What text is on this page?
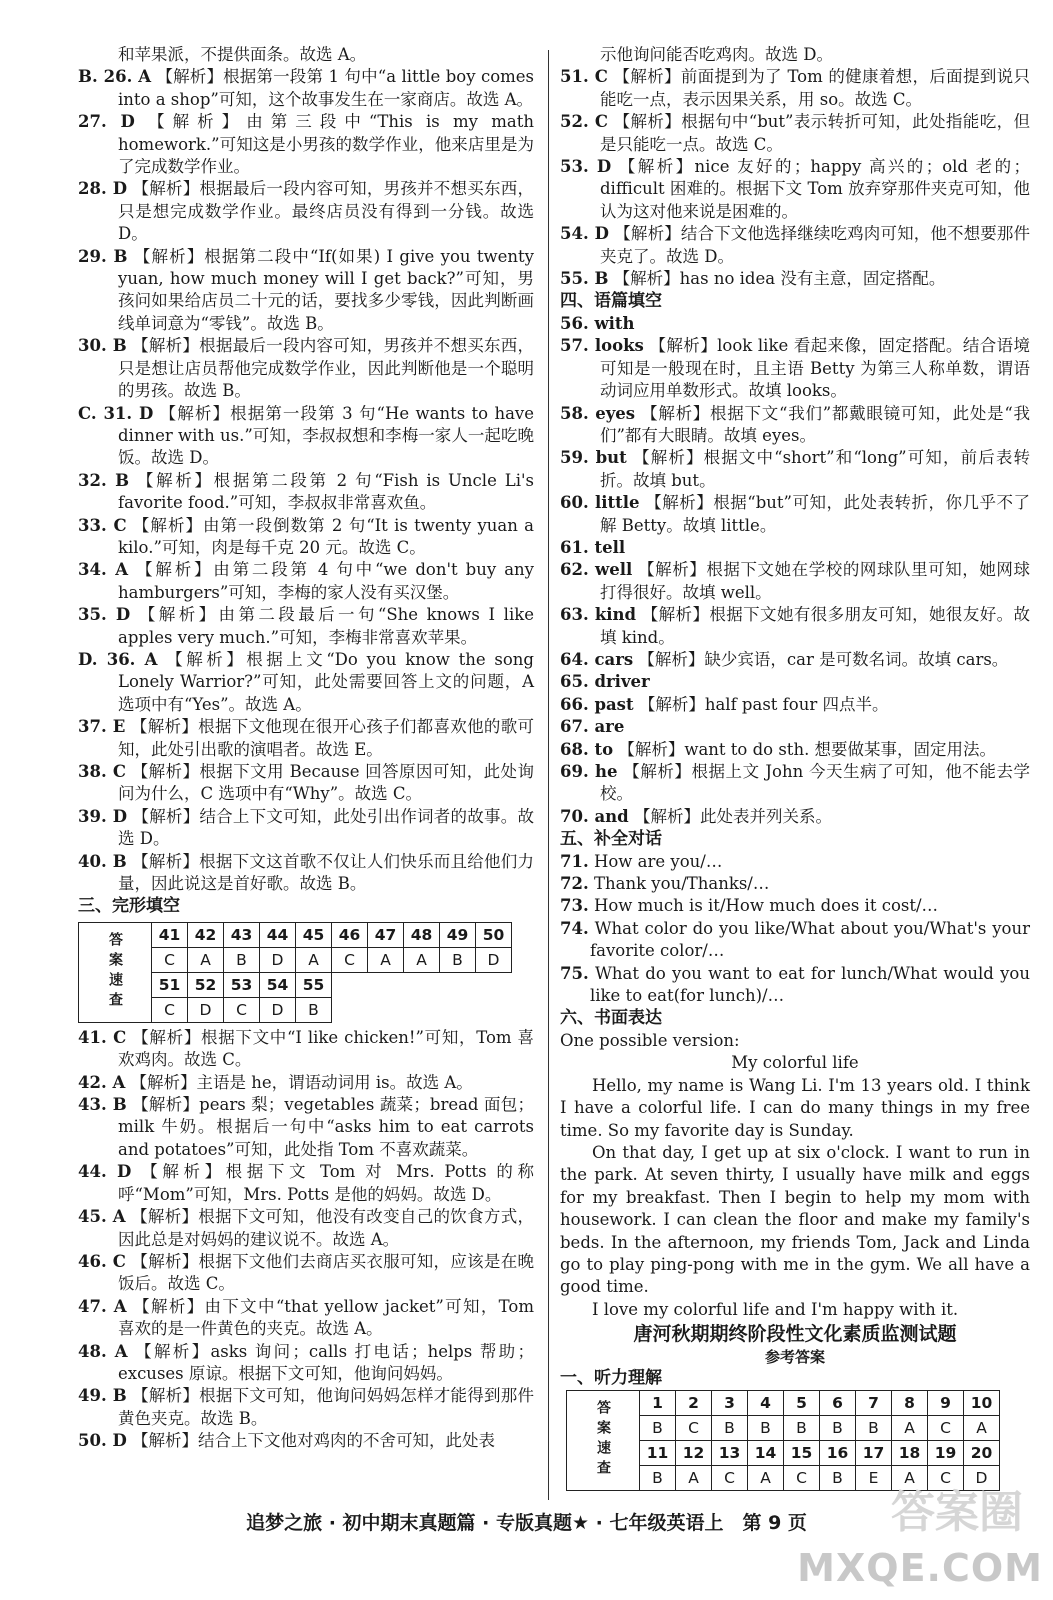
和苹果派，不提供面条。故选 A。
B. 26. A 【解析】根据第一段第 1 句中“a little boy comes into a shop”可知，这个故事发生在一家商店。故选 A。
27. D 【解析】由第三段中“This is my math homework.”可知这是小男孩的数学作业，他来店里是为了完成数学作业。
28. D 【解析】根据最后一段内容可知，男孩并不想买东西，只是想完成数学作业。最终店员没有得到一分钱。故选 D。
29. B 【解析】根据第二段中“If(如果) I give you twenty yuan, how much money will I get back?”可知，男孩问如果给店员二十元的话，要找多少零钱，因此判断画线单词意为“零钱”。故选 B。
30. B 【解析】根据最后一段内容可知，男孩并不想买东西，只是想让店员帮他完成数学作业，因此判断他是一个聪明的男孩。故选 B。
C. 31. D 【解析】根据第一段第 3 句“He wants to have dinner with us.”可知，李叔叔想和李梅一家人一起吃晚饭。故选 D。
32. B 【解析】根据第二段第 2 句“Fish is Uncle Li's favorite food.”可知，李叔叔非常喜欢鱼。
33. C 【解析】由第一段倒数第 2 句“It is twenty yuan a kilo.”可知，肉是每千克 20 元。故选 C。
34. A 【解析】由第二段第 4 句中“we don't buy any hamburgers”可知，李梅的家人没有买汉堡。
35. D 【解析】由第二段最后一句“She knows I like apples very much.”可知，李梅非常喜欢苹果。
D. 36. A 【解析】根据上文“Do you know the song Lonely Warrior?”可知，此处需要回答上文的问题，A 选项中有“Yes”。故选 A。
37. E 【解析】根据下文他现在很开心孩子们都喜欢他的歌可知，此处引出歌的演唱者。故选 E。
38. C 【解析】根据下文用 Because 回答原因可知，此处询问为什么，C 选项中有“Why”。故选 C。
39. D 【解析】结合上下文可知，此处引出作词者的故事。故选 D。
40. B 【解析】根据下文这首歌不仅让人们快乐而且给他们力量，因此说这是首好歌。故选 B。
三、完形填空
答案速查	41	42	43	44	45	46	47	48	49	50
	C	A	B	D	A	C	A	A	B	D
	51	52	53	54	55					
	C	D	C	D	B					
41. C 【解析】根据下文中“I like chicken!”可知，Tom 喜欢鸡肉。故选 C。
42. A 【解析】主语是 he，谓语动词用 is。故选 A。
43. B 【解析】pears 梨；vegetables 蔬菜；bread 面包；milk 牛奶。根据后一句中“asks him to eat carrots and potatoes”可知，此处指 Tom 不喜欢蔬菜。
44. D 【解析】根据下文 Tom 对 Mrs. Potts 的称呼“Mom”可知，Mrs. Potts 是他的妈妈。故选 D。
45. A 【解析】根据下文可知，他没有改变自己的饮食方式，因此总是对妈妈的建议说不。故选 A。
46. C 【解析】根据下文他们去商店买衣服可知，应该是在晚饭后。故选 C。
47. A 【解析】由下文中“that yellow jacket”可知，Tom 喜欢的是一件黄色的夹克。故选 A。
48. A 【解析】asks 询问；calls 打电话；helps 帮助；excuses 原谅。根据下文可知，他询问妈妈。
49. B 【解析】根据下文可知，他询问妈妈怎样才能得到那件黄色夹克。故选 B。
50. D 【解析】结合上下文他对鸡肉的不舍可知，此处表
示他询问能否吃鸡肉。故选 D。
51. C 【解析】前面提到为了 Tom 的健康着想，后面提到说只能吃一点，表示因果关系，用 so。故选 C。
52. C 【解析】根据句中“but”表示转折可知，此处指能吃，但是只能吃一点。故选 C。
53. D 【解析】nice 友好的；happy 高兴的；old 老的；difficult 困难的。根据下文 Tom 放弃穿那件夹克可知，他认为这对他来说是困难的。
54. D 【解析】结合下文他选择继续吃鸡肉可知，他不想要那件夹克了。故选 D。
55. B 【解析】has no idea 没有主意，固定搭配。
四、语篇填空
56. with
57. looks 【解析】look like 看起来像，固定搭配。结合语境可知是一般现在时，且主语 Betty 为第三人称单数，谓语动词应用单数形式。故填 looks。
58. eyes 【解析】根据下文“我们”都戴眼镜可知，此处是“我们”都有大眼睛。故填 eyes。
59. but 【解析】根据文中“short”和“long”可知，前后表转折。故填 but。
60. little 【解析】根据“but”可知，此处表转折，你几乎不了解 Betty。故填 little。
61. tell
62. well 【解析】根据下文她在学校的网球队里可知，她网球打得很好。故填 well。
63. kind 【解析】根据下文她有很多朋友可知，她很友好。故填 kind。
64. cars 【解析】缺少宾语，car 是可数名词。故填 cars。
65. driver
66. past 【解析】half past four 四点半。
67. are
68. to 【解析】want to do sth. 想要做某事，固定用法。
69. he 【解析】根据上文 John 今天生病了可知，他不能去学校。
70. and 【解析】此处表并列关系。
五、补全对话
71. How are you/…
72. Thank you/Thanks/…
73. How much is it/How much does it cost/…
74. What color do you like/What about you/What's your favorite color/…
75. What do you want to eat for lunch/What would you like to eat(for lunch)/…
六、书面表达
One possible version:
My colorful life
Hello, my name is Wang Li. I'm 13 years old. I think I have a colorful life. I can do many things in my free time. So my favorite day is Sunday.
On that day, I get up at six o'clock. I want to run in the park. At seven thirty, I usually have milk and eggs for my breakfast. Then I begin to help my mom with housework. I can clean the floor and make my family's beds. In the afternoon, my friends Tom, Jack and Linda go to play ping-pong with me in the gym. We all have a good time.
I love my colorful life and I'm happy with it.
唐河秋期期终阶段性文化素质监测试题
参考答案
一、听力理解
答案速查	1	2	3	4	5	6	7	8	9	10
	B	C	B	B	B	B	B	A	C	A
	11	12	13	14	15	16	17	18	19	20
	B	A	C	A	C	B	E	A	C	D
追梦之旅 · 初中期末真题篇 · 专版真题★ · 七年级英语上　第 9 页	答案圈
MXQE.COM
